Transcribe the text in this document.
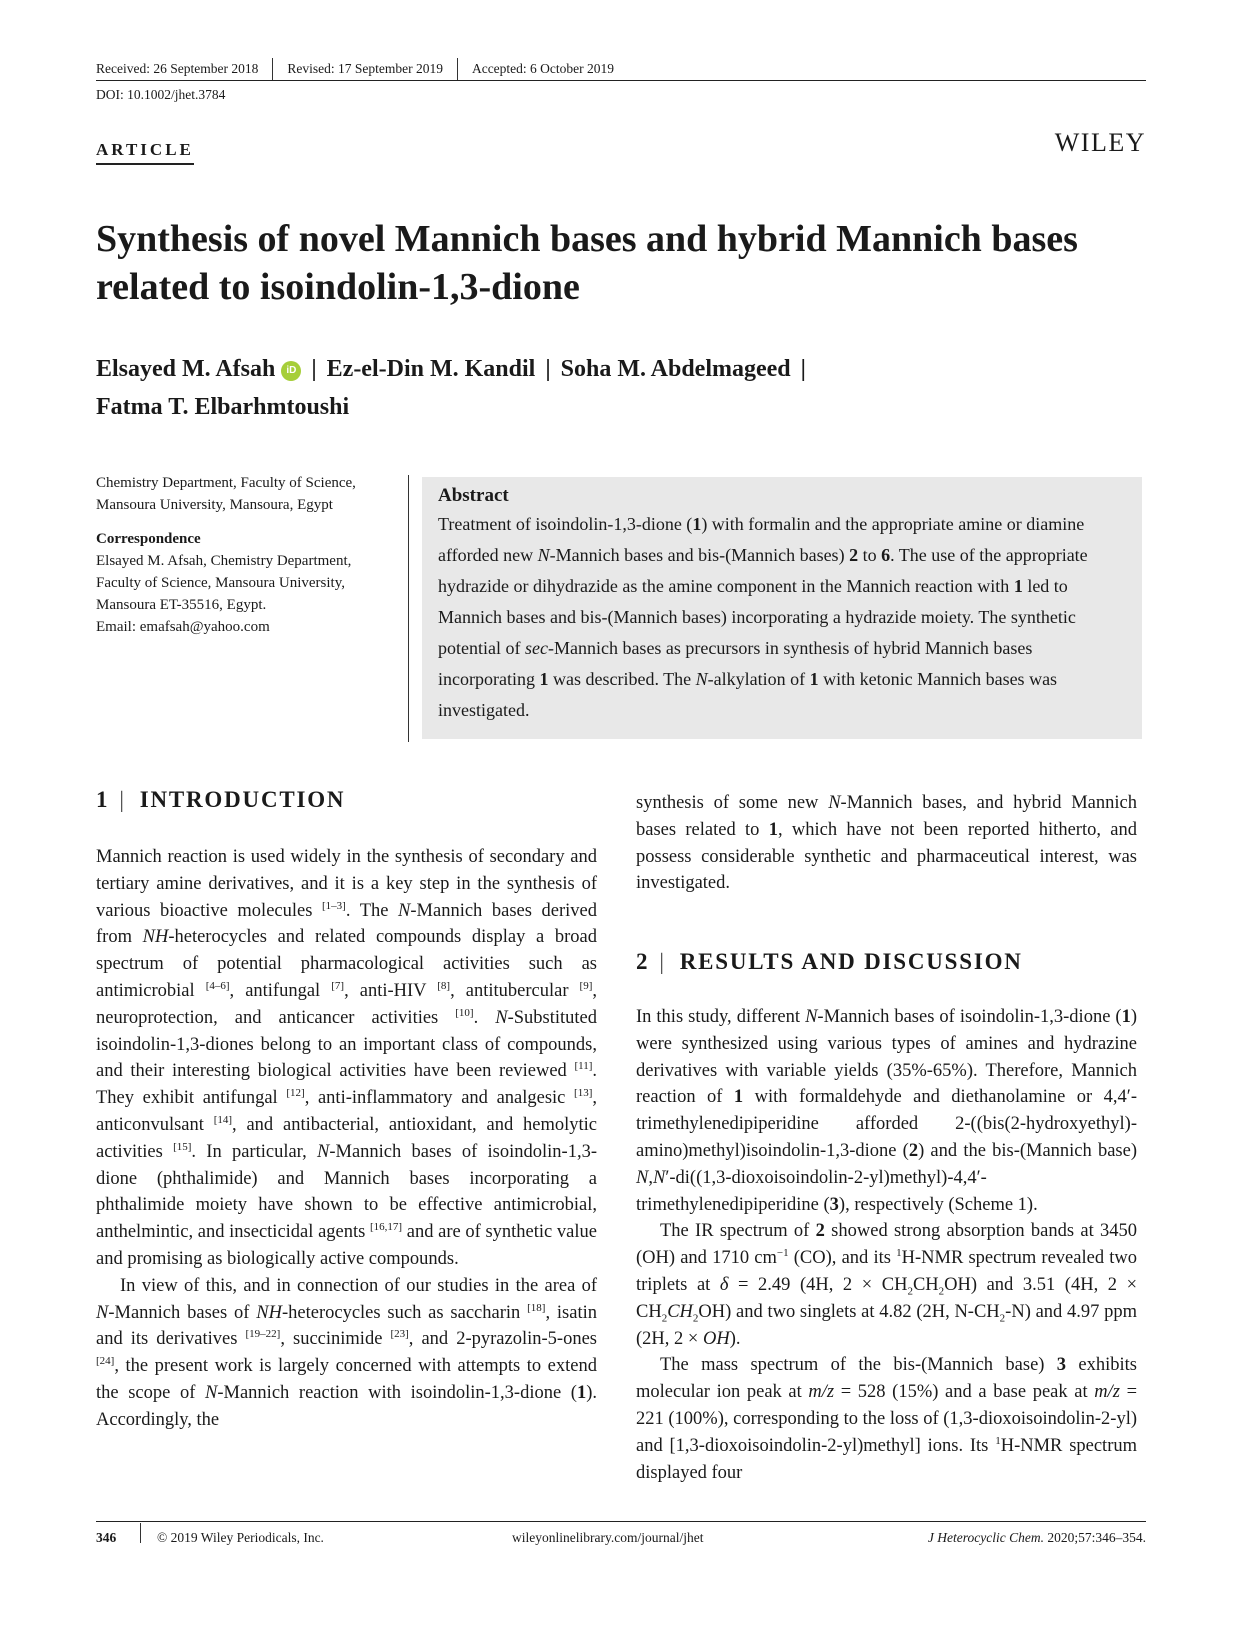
Received: 26 September 2018	Revised: 17 September 2019	Accepted: 6 October 2019
DOI: 10.1002/jhet.3784
ARTICLE	WILEY
Synthesis of novel Mannich bases and hybrid Mannich bases related to isoindolin-1,3-dione
Elsayed M. Afsah iD | Ez-el-Din M. Kandil | Soha M. Abdelmageed |
Fatma T. Elbarhmtoushi
Chemistry Department, Faculty of Science, Mansoura University, Mansoura, Egypt
Correspondence
Elsayed M. Afsah, Chemistry Department, Faculty of Science, Mansoura University, Mansoura ET-35516, Egypt.
Email: emafsah@yahoo.com
Abstract

Treatment of isoindolin-1,3-dione (1) with formalin and the appropriate amine or diamine afforded new N-Mannich bases and bis-(Mannich bases) 2 to 6. The use of the appropriate hydrazide or dihydrazide as the amine component in the Mannich reaction with 1 led to Mannich bases and bis-(Mannich bases) incorporating a hydrazide moiety. The synthetic potential of sec-Mannich bases as precursors in synthesis of hybrid Mannich bases incorporating 1 was described. The N-alkylation of 1 with ketonic Mannich bases was investigated.

1 | INTRODUCTION

Mannich reaction is used widely in the synthesis of secondary and tertiary amine derivatives, and it is a key step in the synthesis of various bioactive molecules [1–3]. The N-Mannich bases derived from NH-heterocycles and related compounds display a broad spectrum of potential pharmacological activities such as antimicrobial [4–6], antifungal [7], anti-HIV [8], antitubercular [9], neuroprotection, and anticancer activities [10]. N-Substituted isoindolin-1,3-diones belong to an important class of compounds, and their interesting biological activities have been reviewed [11]. They exhibit antifungal [12], anti-inflammatory and analgesic [13], anticonvulsant [14], and antibacterial, antioxidant, and hemolytic activities [15]. In particular, N-Mannich bases of isoindolin-1,3-dione (phthalimide) and Mannich bases incorporating a phthalimide moiety have shown to be effective antimicrobial, anthelmintic, and insecticidal agents [16,17] and are of synthetic value and promising as biologically active compounds.

In view of this, and in connection of our studies in the area of N-Mannich bases of NH-heterocycles such as saccharin [18], isatin and its derivatives [19–22], succinimide [23], and 2-pyrazolin-5-ones [24], the present work is largely concerned with attempts to extend the scope of N-Mannich reaction with isoindolin-1,3-dione (1). Accordingly, the

synthesis of some new N-Mannich bases, and hybrid Mannich bases related to 1, which have not been reported hitherto, and possess considerable synthetic and pharmaceutical interest, was investigated.

2 | RESULTS AND DISCUSSION

In this study, different N-Mannich bases of isoindolin-1,3-dione (1) were synthesized using various types of amines and hydrazine derivatives with variable yields (35%-65%). Therefore, Mannich reaction of 1 with formaldehyde and diethanolamine or 4,4′-trimethylenedipiperidine afforded 2-((bis(2-hydroxyethyl)-amino)methyl)isoindolin-1,3-dione (2) and the bis-(Mannich base) N,N′-di((1,3-dioxoisoindolin-2-yl)methyl)-4,4′-trimethylenedipiperidine (3), respectively (Scheme 1).

The IR spectrum of 2 showed strong absorption bands at 3450 (OH) and 1710 $cm^{-1}$ (CO), and its $^1$H-NMR spectrum revealed two triplets at δ = 2.49 (4H, $2 \times CH_2CH_2OH$) and 3.51 (4H, $2 \times CH_2CH_2OH$) and two singlets at 4.82 (2H, $N-CH_2-N$) and 4.97 ppm (2H, 2 × OH).

The mass spectrum of the bis-(Mannich base) 3 exhibits molecular ion peak at m/z = 528 (15%) and a base peak at m/z = 221 (100%), corresponding to the loss of (1,3-dioxoisoindolin-2-yl) and [1,3-dioxoisoindolin-2-yl)methyl] ions. Its $^1$H-NMR spectrum displayed four

346	© 2019 Wiley Periodicals, Inc.	wileyonlinelibrary.com/journal/jhet	J Heterocyclic Chem. 2020;57:346–354.
